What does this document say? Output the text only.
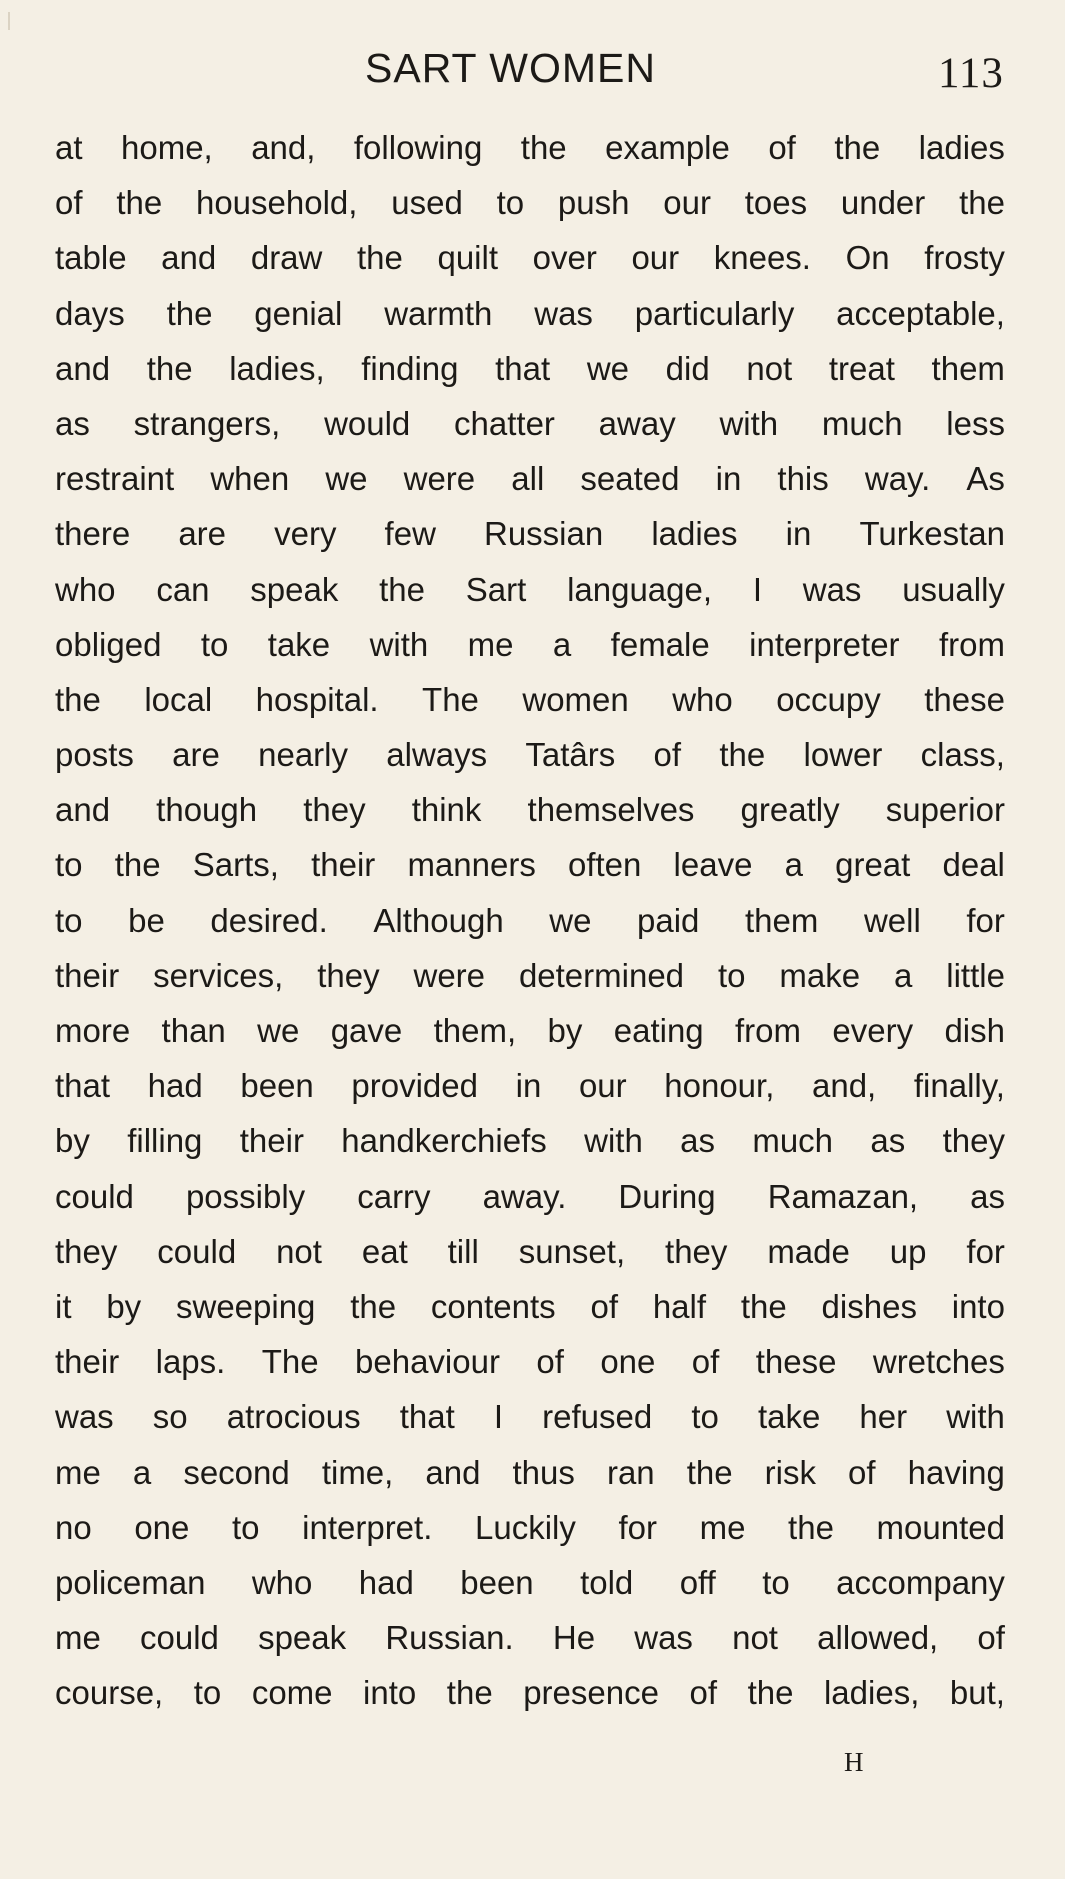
SART WOMEN	113
at home, and, following the example of the ladies
of the household, used to push our toes under the
table and draw the quilt over our knees. On frosty
days the genial warmth was particularly acceptable,
and the ladies, finding that we did not treat them
as strangers, would chatter away with much less
restraint when we were all seated in this way. As
there are very few Russian ladies in Turkestan
who can speak the Sart language, I was usually
obliged to take with me a female interpreter from
the local hospital. The women who occupy these
posts are nearly always Tatârs of the lower class,
and though they think themselves greatly superior
to the Sarts, their manners often leave a great deal
to be desired. Although we paid them well for
their services, they were determined to make a little
more than we gave them, by eating from every dish
that had been provided in our honour, and, finally,
by filling their handkerchiefs with as much as they
could possibly carry away. During Ramazan, as
they could not eat till sunset, they made up for
it by sweeping the contents of half the dishes into
their laps. The behaviour of one of these wretches
was so atrocious that I refused to take her with
me a second time, and thus ran the risk of having
no one to interpret. Luckily for me the mounted
policeman who had been told off to accompany
me could speak Russian. He was not allowed, of
course, to come into the presence of the ladies, but,
H
